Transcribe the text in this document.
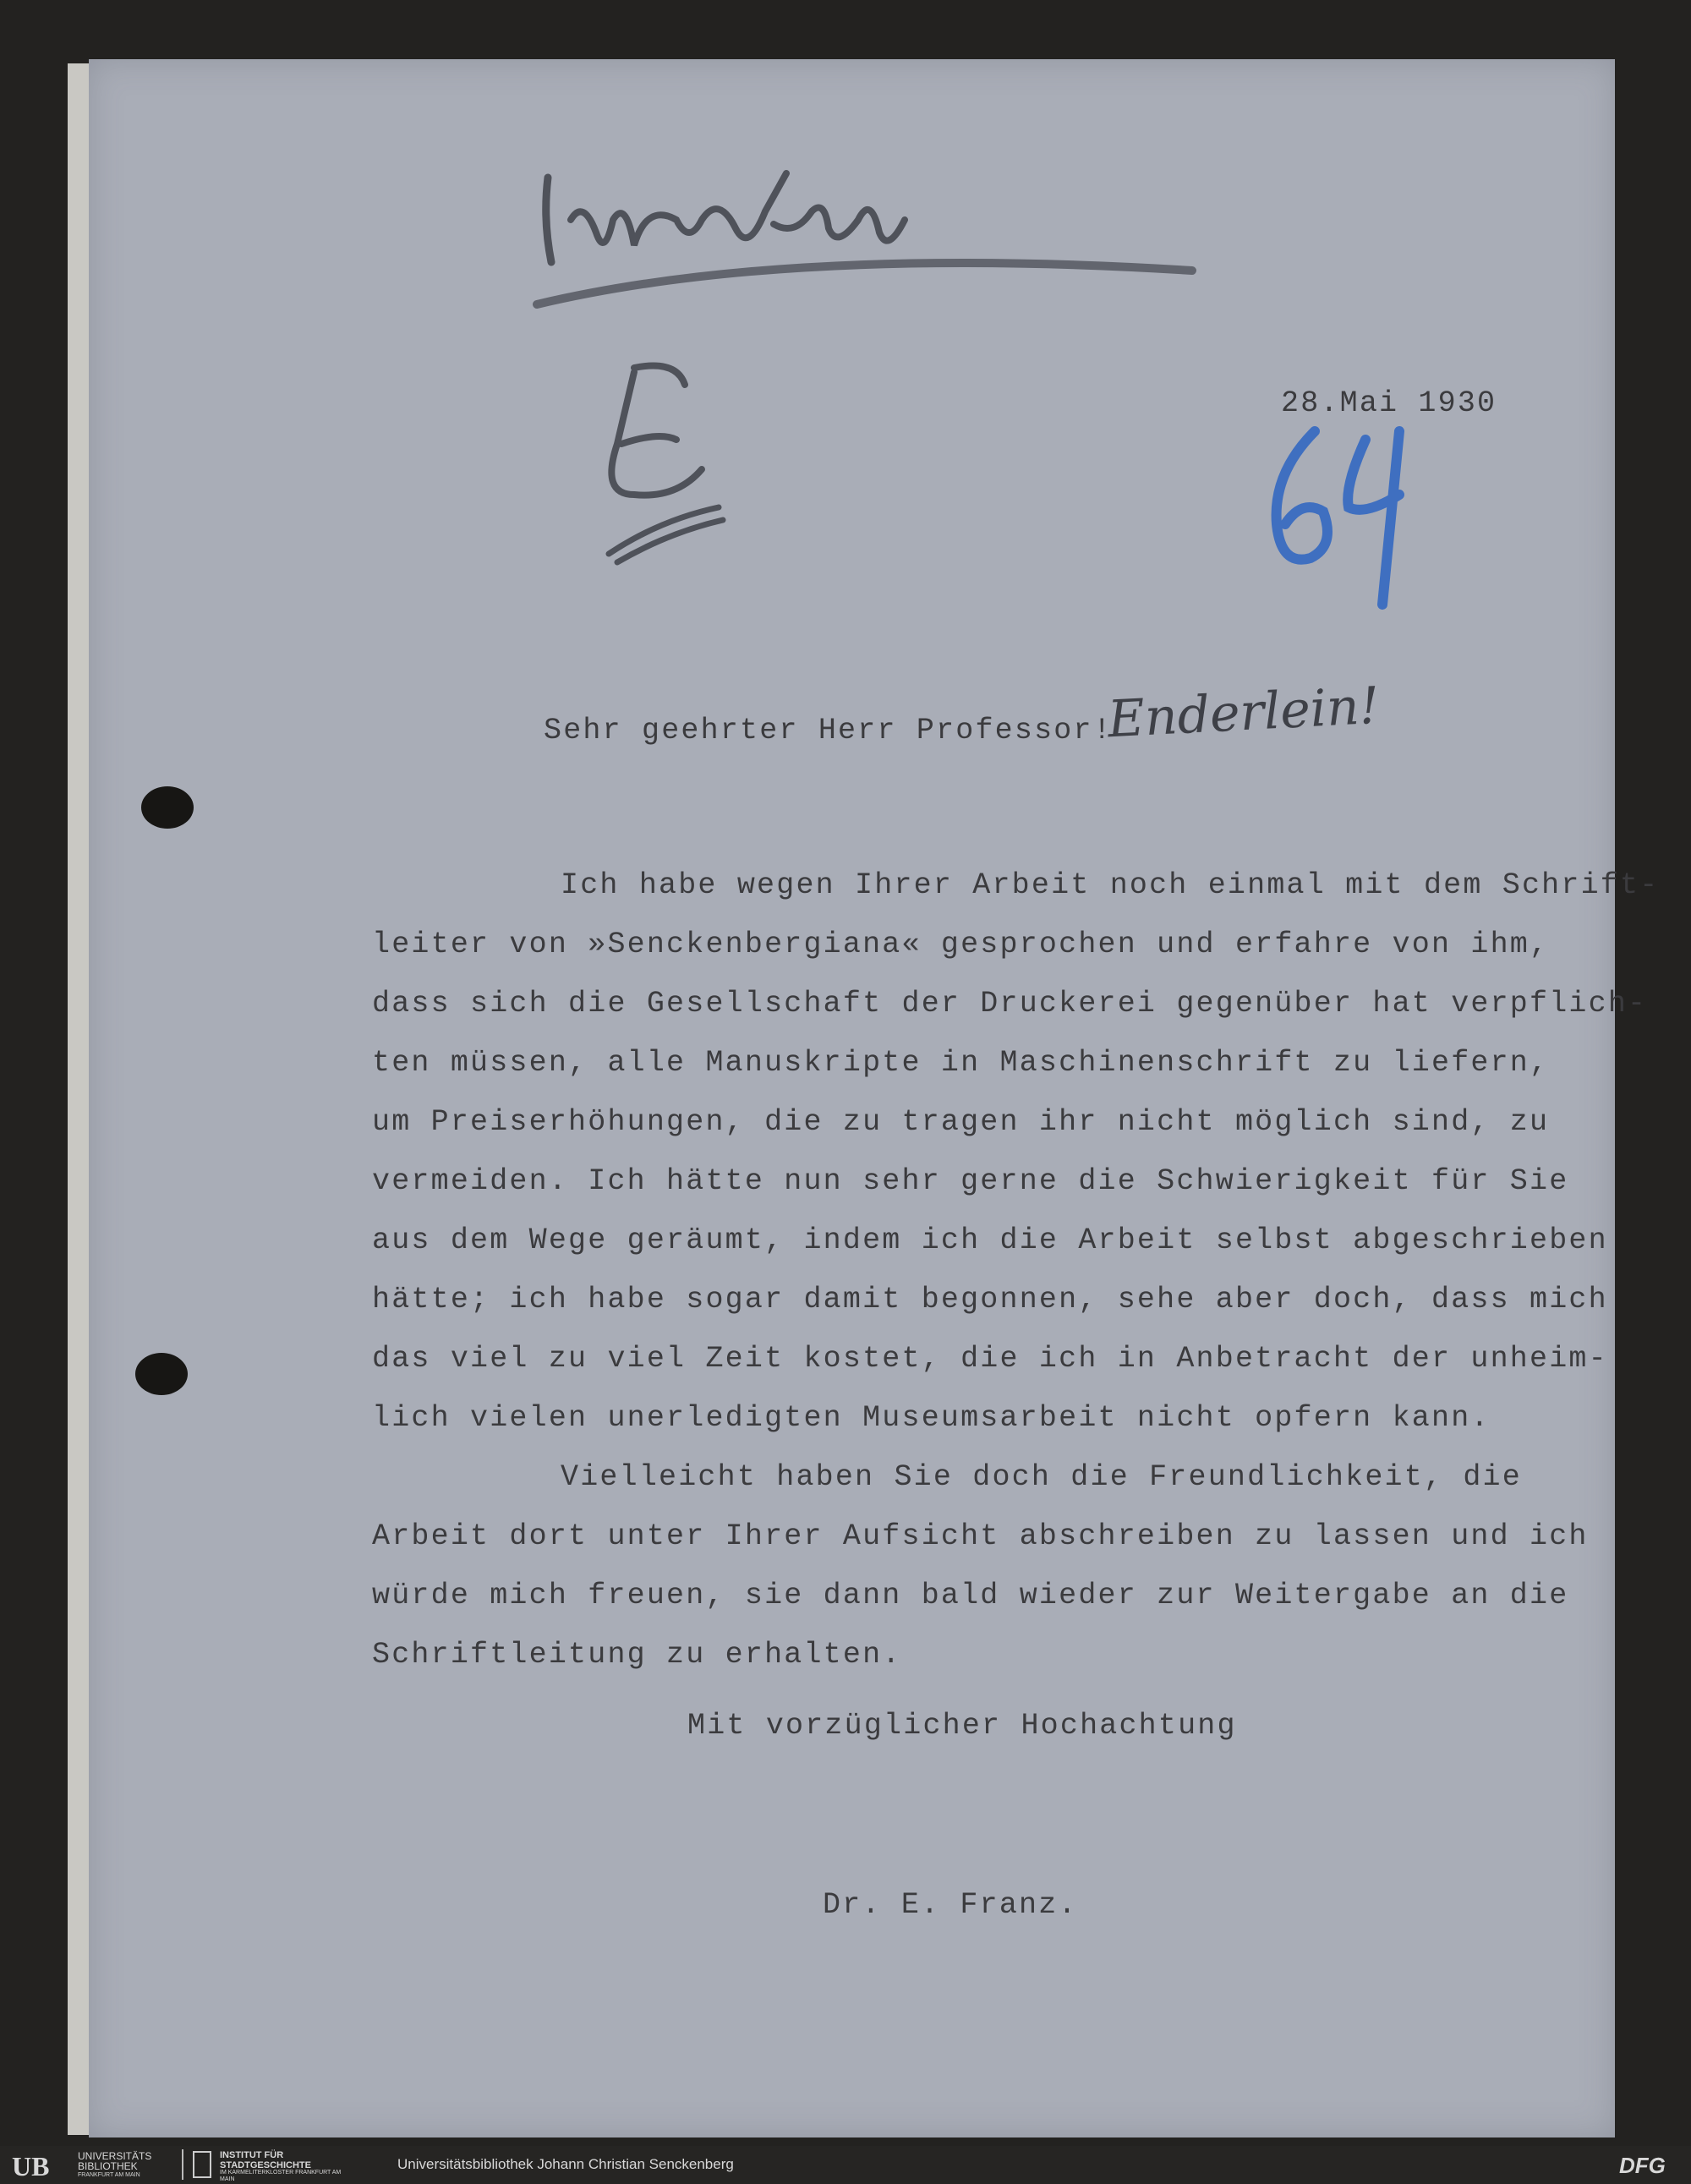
28.Mai 1930
Sehr geehrter Herr Professor!
Enderlein!
Ich habe wegen Ihrer Arbeit noch einmal mit dem Schrift-
leiter von »Senckenbergiana« gesprochen und erfahre von ihm,
dass sich die Gesellschaft der Druckerei gegenüber hat verpflich-
ten müssen, alle Manuskripte in Maschinenschrift zu liefern,
um Preiserhöhungen, die zu tragen ihr nicht möglich sind, zu
vermeiden. Ich hätte nun sehr gerne die Schwierigkeit für Sie
aus dem Wege geräumt, indem ich die Arbeit selbst abgeschrieben
hätte; ich habe sogar damit begonnen, sehe aber doch, dass mich
das viel zu viel Zeit kostet, die ich in Anbetracht der unheim-
lich vielen unerledigten Museumsarbeit nicht opfern kann.
Vielleicht haben Sie doch die Freundlichkeit, die
Arbeit dort unter Ihrer Aufsicht abschreiben zu lassen und ich
würde mich freuen, sie dann bald wieder zur Weitergabe an die
Schriftleitung zu erhalten.
Mit vorzüglicher Hochachtung
Dr. E. Franz.
UB	UNIVERSITÄTS BIBLIOTHEK
FRANKFURT AM MAIN
INSTITUT FÜR STADTGESCHICHTE
IM KARMELITERKLOSTER FRANKFURT AM MAIN
Universitätsbibliothek Johann Christian Senckenberg	DFG
